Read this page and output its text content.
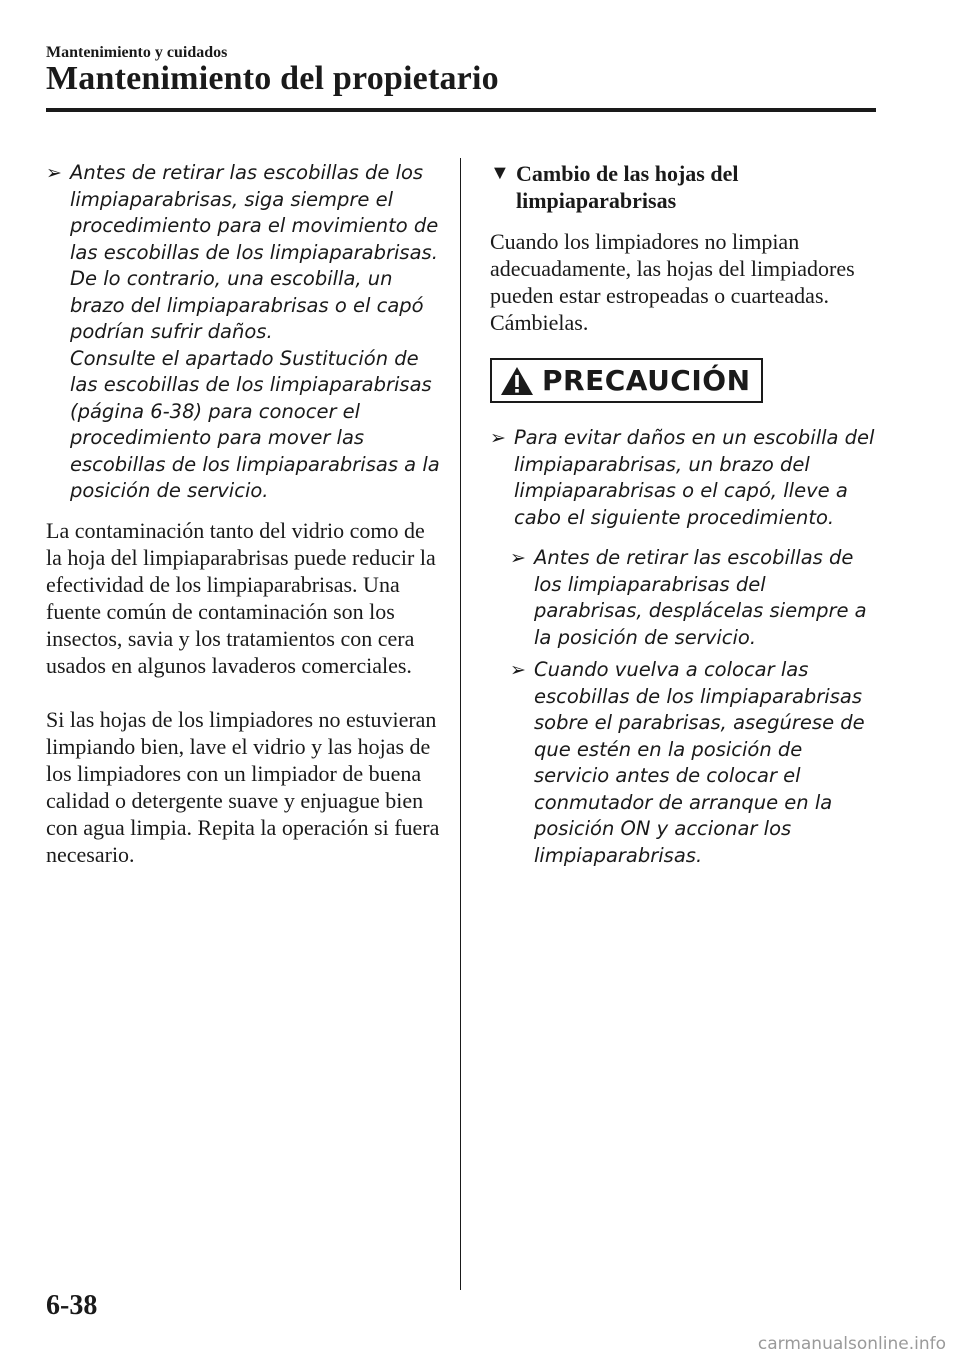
Mantenimiento y cuidados
Mantenimiento del propietario
➢ Antes de retirar las escobillas de los limpiaparabrisas, siga siempre el procedimiento para el movimiento de las escobillas de los limpiaparabrisas. De lo contrario, una escobilla, un brazo del limpiaparabrisas o el capó podrían sufrir daños.

Consulte el apartado Sustitución de las escobillas de los limpiaparabrisas (página 6-38) para conocer el procedimiento para mover las escobillas de los limpiaparabrisas a la posición de servicio.

La contaminación tanto del vidrio como de la hoja del limpiaparabrisas puede reducir la efectividad de los limpiaparabrisas. Una fuente común de contaminación son los insectos, savia y los tratamientos con cera usados en algunos lavaderos comerciales.

Si las hojas de los limpiadores no estuvieran limpiando bien, lave el vidrio y las hojas de los limpiadores con un limpiador de buena calidad o detergente suave y enjuague bien con agua limpia. Repita la operación si fuera necesario.

▼ Cambio de las hojas del limpiaparabrisas

Cuando los limpiadores no limpian adecuadamente, las hojas del limpiadores pueden estar estropeadas o cuarteadas. Cámbielas.

PRECAUCIÓN
➢ Para evitar daños en un escobilla del limpiaparabrisas, un brazo del limpiaparabrisas o el capó, lleve a cabo el siguiente procedimiento.

➢ Antes de retirar las escobillas de los limpiaparabrisas del parabrisas, desplácelas siempre a la posición de servicio.

➢ Cuando vuelva a colocar las escobillas de los limpiaparabrisas sobre el parabrisas, asegúrese de que estén en la posición de servicio antes de colocar el conmutador de arranque en la posición ON y accionar los limpiaparabrisas.

6-38
carmanualsonline.info
